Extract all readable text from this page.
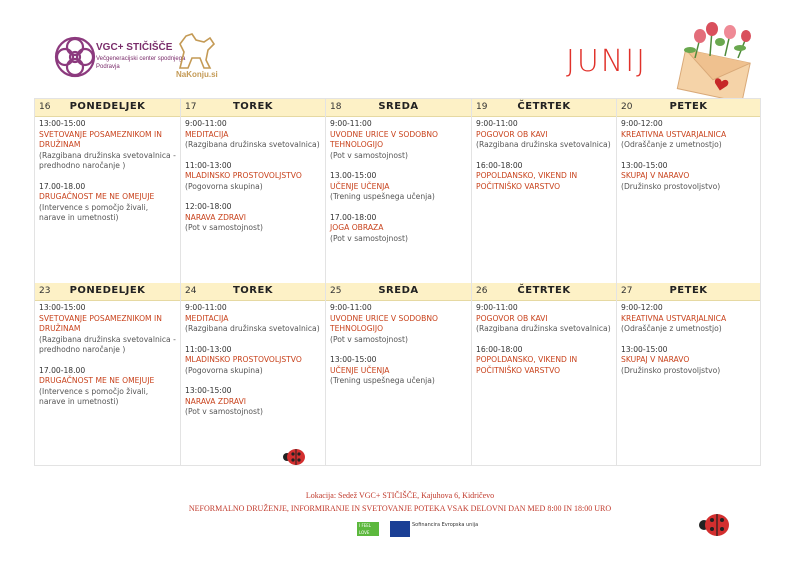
VGC+ STIČIŠČE
Večgeneracijski center spodnjega Podravja
NaKonju.si	JUNIJ
16	PONEDELJEK
13:00-15:00
SVETOVANJE POSAMEZNIKOM IN DRUŽINAM
(Razgibana družinska svetovalnica - predhodno naročanje )
17.00-18.00
DRUGAČNOST ME NE OMEJUJE
(Intervence s pomočjo živali, narave in umetnosti)
17	TOREK
9:00-11:00
MEDITACIJA
(Razgibana družinska svetovalnica)
11:00-13:00
MLADINSKO PROSTOVOLJSTVO
(Pogovorna skupina)
12:00-18:00
NARAVA ZDRAVI
(Pot v samostojnost)
18	SREDA
9:00-11:00
UVODNE URICE V SODOBNO TEHNOLOGIJO
(Pot v samostojnost)
13.00-15:00
UČENJE UČENJA
(Trening uspešnega učenja)
17.00-18:00
JOGA OBRAZA
(Pot v samostojnost)
19	ČETRTEK
9:00-11:00
POGOVOR OB KAVI
(Razgibana družinska svetovalnica)
16:00-18:00
POPOLDANSKO, VIKEND IN POČITNIŠKO VARSTVO
20	PETEK
9:00-12:00
KREATIVNA USTVARJALNICA
(Odraščanje z umetnostjo)
13:00-15:00
SKUPAJ V NARAVO
(Družinsko prostovoljstvo)
23	PONEDELJEK
13:00-15:00
SVETOVANJE POSAMEZNIKOM IN DRUŽINAM
(Razgibana družinska svetovalnica - predhodno naročanje )
17.00-18.00
DRUGAČNOST ME NE OMEJUJE
(Intervence s pomočjo živali, narave in umetnosti)
24	TOREK
9:00-11:00
MEDITACIJA
(Razgibana družinska svetovalnica)
11:00-13:00
MLADINSKO PROSTOVOLJSTVO
(Pogovorna skupina)
13:00-15:00
NARAVA ZDRAVI
(Pot v samostojnost)
25	SREDA
9:00-11:00
UVODNE URICE V SODOBNO TEHNOLOGIJO
(Pot v samostojnost)
13:00-15:00
UČENJE UČENJA
(Trening uspešnega učenja)
26	ČETRTEK
9:00-11:00
POGOVOR OB KAVI
(Razgibana družinska svetovalnica)
16:00-18:00
POPOLDANSKO, VIKEND IN POČITNIŠKO VARSTVO
27	PETEK
9:00-12:00
KREATIVNA USTVARJALNICA
(Odraščanje z umetnostjo)
13:00-15:00
SKUPAJ V NARAVO
(Družinsko prostovoljstvo)
Lokacija: Sedež VGC+ STIČIŠČE, Kajuhova 6, Kidričevo
NEFORMALNO DRUŽENJE, INFORMIRANJE IN SVETOVANJE POTEKA VSAK DELOVNI DAN MED 8:00 IN 18:00 URO
I FEEL LOVE
Sofinancira Evropska unija
